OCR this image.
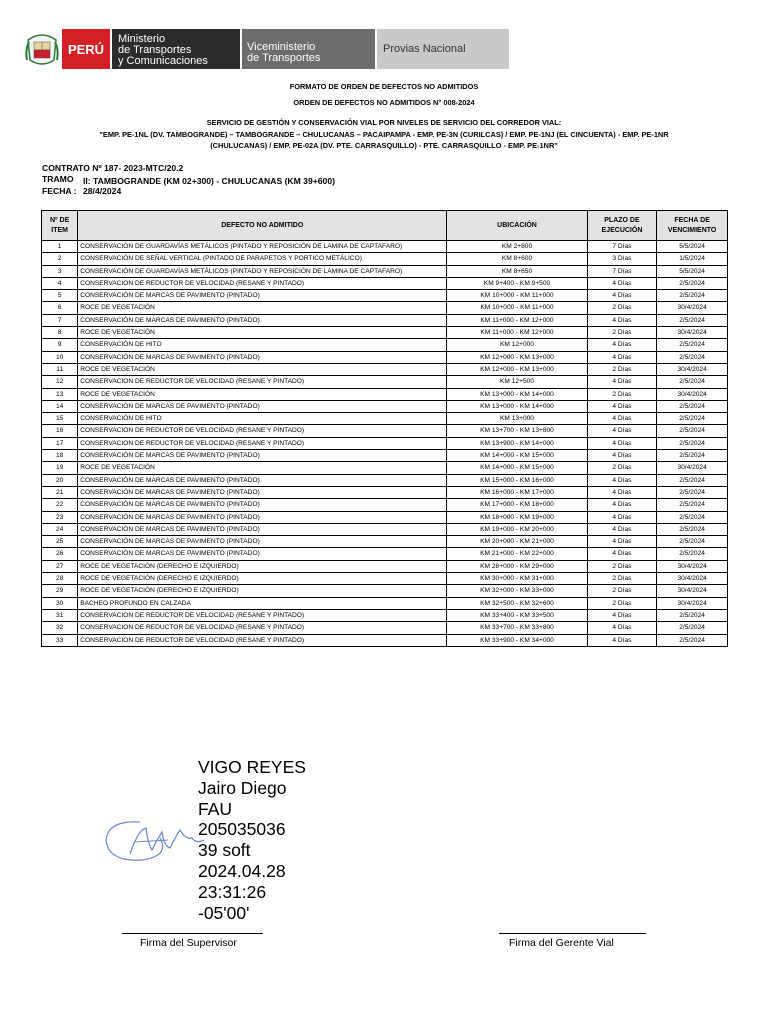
PERÚ
Ministerio
de Transportes
y Comunicaciones
Viceministerio
de Transportes
Provias Nacional
FORMATO DE ORDEN DE DEFECTOS NO ADMITIDOS
ORDEN DE DEFECTOS NO ADMITIDOS N° 008-2024
SERVICIO DE GESTIÓN Y CONSERVACIÓN VIAL POR NIVELES DE SERVICIO DEL CORREDOR VIAL:
"EMP. PE-1NL (DV. TAMBOGRANDE) – TAMBOGRANDE – CHULUCANAS – PACAIPAMPA - EMP. PE-3N (CURILCAS) / EMP. PE-1NJ (EL CINCUENTA) - EMP. PE-1NR
(CHULUCANAS) / EMP. PE-02A (DV. PTE. CARRASQUILLO) - PTE. CARRASQUILLO - EMP. PE-1NR"
CONTRATO Nº 187- 2023-MTC/20.2
TRAMO II: TAMBOGRANDE (KM 02+300) - CHULUCANAS (KM 39+600)
FECHA : 28/4/2024
Nº DE ITEM	DEFECTO NO ADMITIDO	UBICACIÓN	PLAZO DE EJECUCIÓN	FECHA DE VENCIMIENTO
1	CONSERVACIÓN DE GUARDAVÍAS METÁLICOS (PINTADO Y REPOSICIÓN DE LAMINA DE CAPTAFARO)	KM 2+800	7 Días	5/5/2024
2	CONSERVACIÓN DE SEÑAL VERTICAL (PINTADO DE PARAPETOS Y PORTICO METÁLICO)	KM 8+600	3 Días	1/5/2024
3	CONSERVACIÓN DE GUARDAVÍAS METÁLICOS (PINTADO Y REPOSICIÓN DE LAMINA DE CAPTAFARO)	KM 8+650	7 Días	5/5/2024
4	CONSERVACION DE REDUCTOR DE VELOCIDAD (RESANE Y PINTADO)	KM 9+400 - KM 9+500	4 Días	2/5/2024
5	CONSERVACIÓN DE MARCAS DE PAVIMENTO (PINTADO)	KM 10+000 - KM 11+000	4 Días	2/5/2024
6	ROCE DE VEGETACIÓN	KM 10+000 - KM 11+000	2 Días	30/4/2024
7	CONSERVACIÓN DE MARCAS DE PAVIMENTO (PINTADO)	KM 11+000 - KM 12+000	4 Días	2/5/2024
8	ROCE DE VEGETACIÓN	KM 11+000 - KM 12+000	2 Días	30/4/2024
9	CONSERVACIÓN DE HITO	KM 12+000	4 Días	2/5/2024
10	CONSERVACIÓN DE MARCAS DE PAVIMENTO (PINTADO)	KM 12+000 - KM 13+000	4 Días	2/5/2024
11	ROCE DE VEGETACIÓN	KM 12+000 - KM 13+000	2 Días	30/4/2024
12	CONSERVACION DE REDUCTOR DE VELOCIDAD (RESANE Y PINTADO)	KM 12+500	4 Días	2/5/2024
13	ROCE DE VEGETACIÓN	KM 13+000 - KM 14+000	2 Días	30/4/2024
14	CONSERVACIÓN DE MARCAS DE PAVIMENTO (PINTADO)	KM 13+000 - KM 14+000	4 Días	2/5/2024
15	CONSERVACIÓN DE HITO	KM 13+000	4 Días	2/5/2024
16	CONSERVACION DE REDUCTOR DE VELOCIDAD (RESANE Y PINTADO)	KM 13+700 - KM 13+800	4 Días	2/5/2024
17	CONSERVACION DE REDUCTOR DE VELOCIDAD (RESANE Y PINTADO)	KM 13+900 - KM 14+000	4 Días	2/5/2024
18	CONSERVACIÓN DE MARCAS DE PAVIMENTO (PINTADO)	KM 14+000 - KM 15+000	4 Días	2/5/2024
19	ROCE DE VEGETACIÓN	KM 14+000 - KM 15+000	2 Días	30/4/2024
20	CONSERVACIÓN DE MARCAS DE PAVIMENTO (PINTADO)	KM 15+000 - KM 16+000	4 Días	2/5/2024
21	CONSERVACIÓN DE MARCAS DE PAVIMENTO (PINTADO)	KM 16+000 - KM 17+000	4 Días	2/5/2024
22	CONSERVACIÓN DE MARCAS DE PAVIMENTO (PINTADO)	KM 17+000 - KM 18+000	4 Días	2/5/2024
23	CONSERVACIÓN DE MARCAS DE PAVIMENTO (PINTADO)	KM 18+000 - KM 19+000	4 Días	2/5/2024
24	CONSERVACIÓN DE MARCAS DE PAVIMENTO (PINTADO)	KM 19+000 - KM 20+000	4 Días	2/5/2024
25	CONSERVACIÓN DE MARCAS DE PAVIMENTO (PINTADO)	KM 20+000 - KM 21+000	4 Días	2/5/2024
26	CONSERVACIÓN DE MARCAS DE PAVIMENTO (PINTADO)	KM 21+000 - KM 22+000	4 Días	2/5/2024
27	ROCE DE VEGETACIÓN (DERECHO E IZQUIERDO)	KM 28+000 - KM 29+000	2 Días	30/4/2024
28	ROCE DE VEGETACIÓN (DERECHO E IZQUIERDO)	KM 30+000 - KM 31+000	2 Días	30/4/2024
29	ROCE DE VEGETACIÓN (DERECHO E IZQUIERDO)	KM 32+000 - KM 33+000	2 Días	30/4/2024
30	BACHEO PROFUNDO EN CALZADA	KM 32+500 - KM 32+600	2 Días	30/4/2024
31	CONSERVACION DE REDUCTOR DE VELOCIDAD (RESANE Y PINTADO)	KM 33+400 - KM 33+500	4 Días	2/5/2024
32	CONSERVACION DE REDUCTOR DE VELOCIDAD (RESANE Y PINTADO)	KM 33+700 - KM 33+800	4 Días	2/5/2024
33	CONSERVACION DE REDUCTOR DE VELOCIDAD (RESANE Y PINTADO)	KM 33+900 - KM 34+000	4 Días	2/5/2024
VIGO REYES
Jairo Diego
FAU
205035036
39 soft
2024.04.28
23:31:26
-05'00'
Firma del Supervisor	Firma del Gerente Vial
